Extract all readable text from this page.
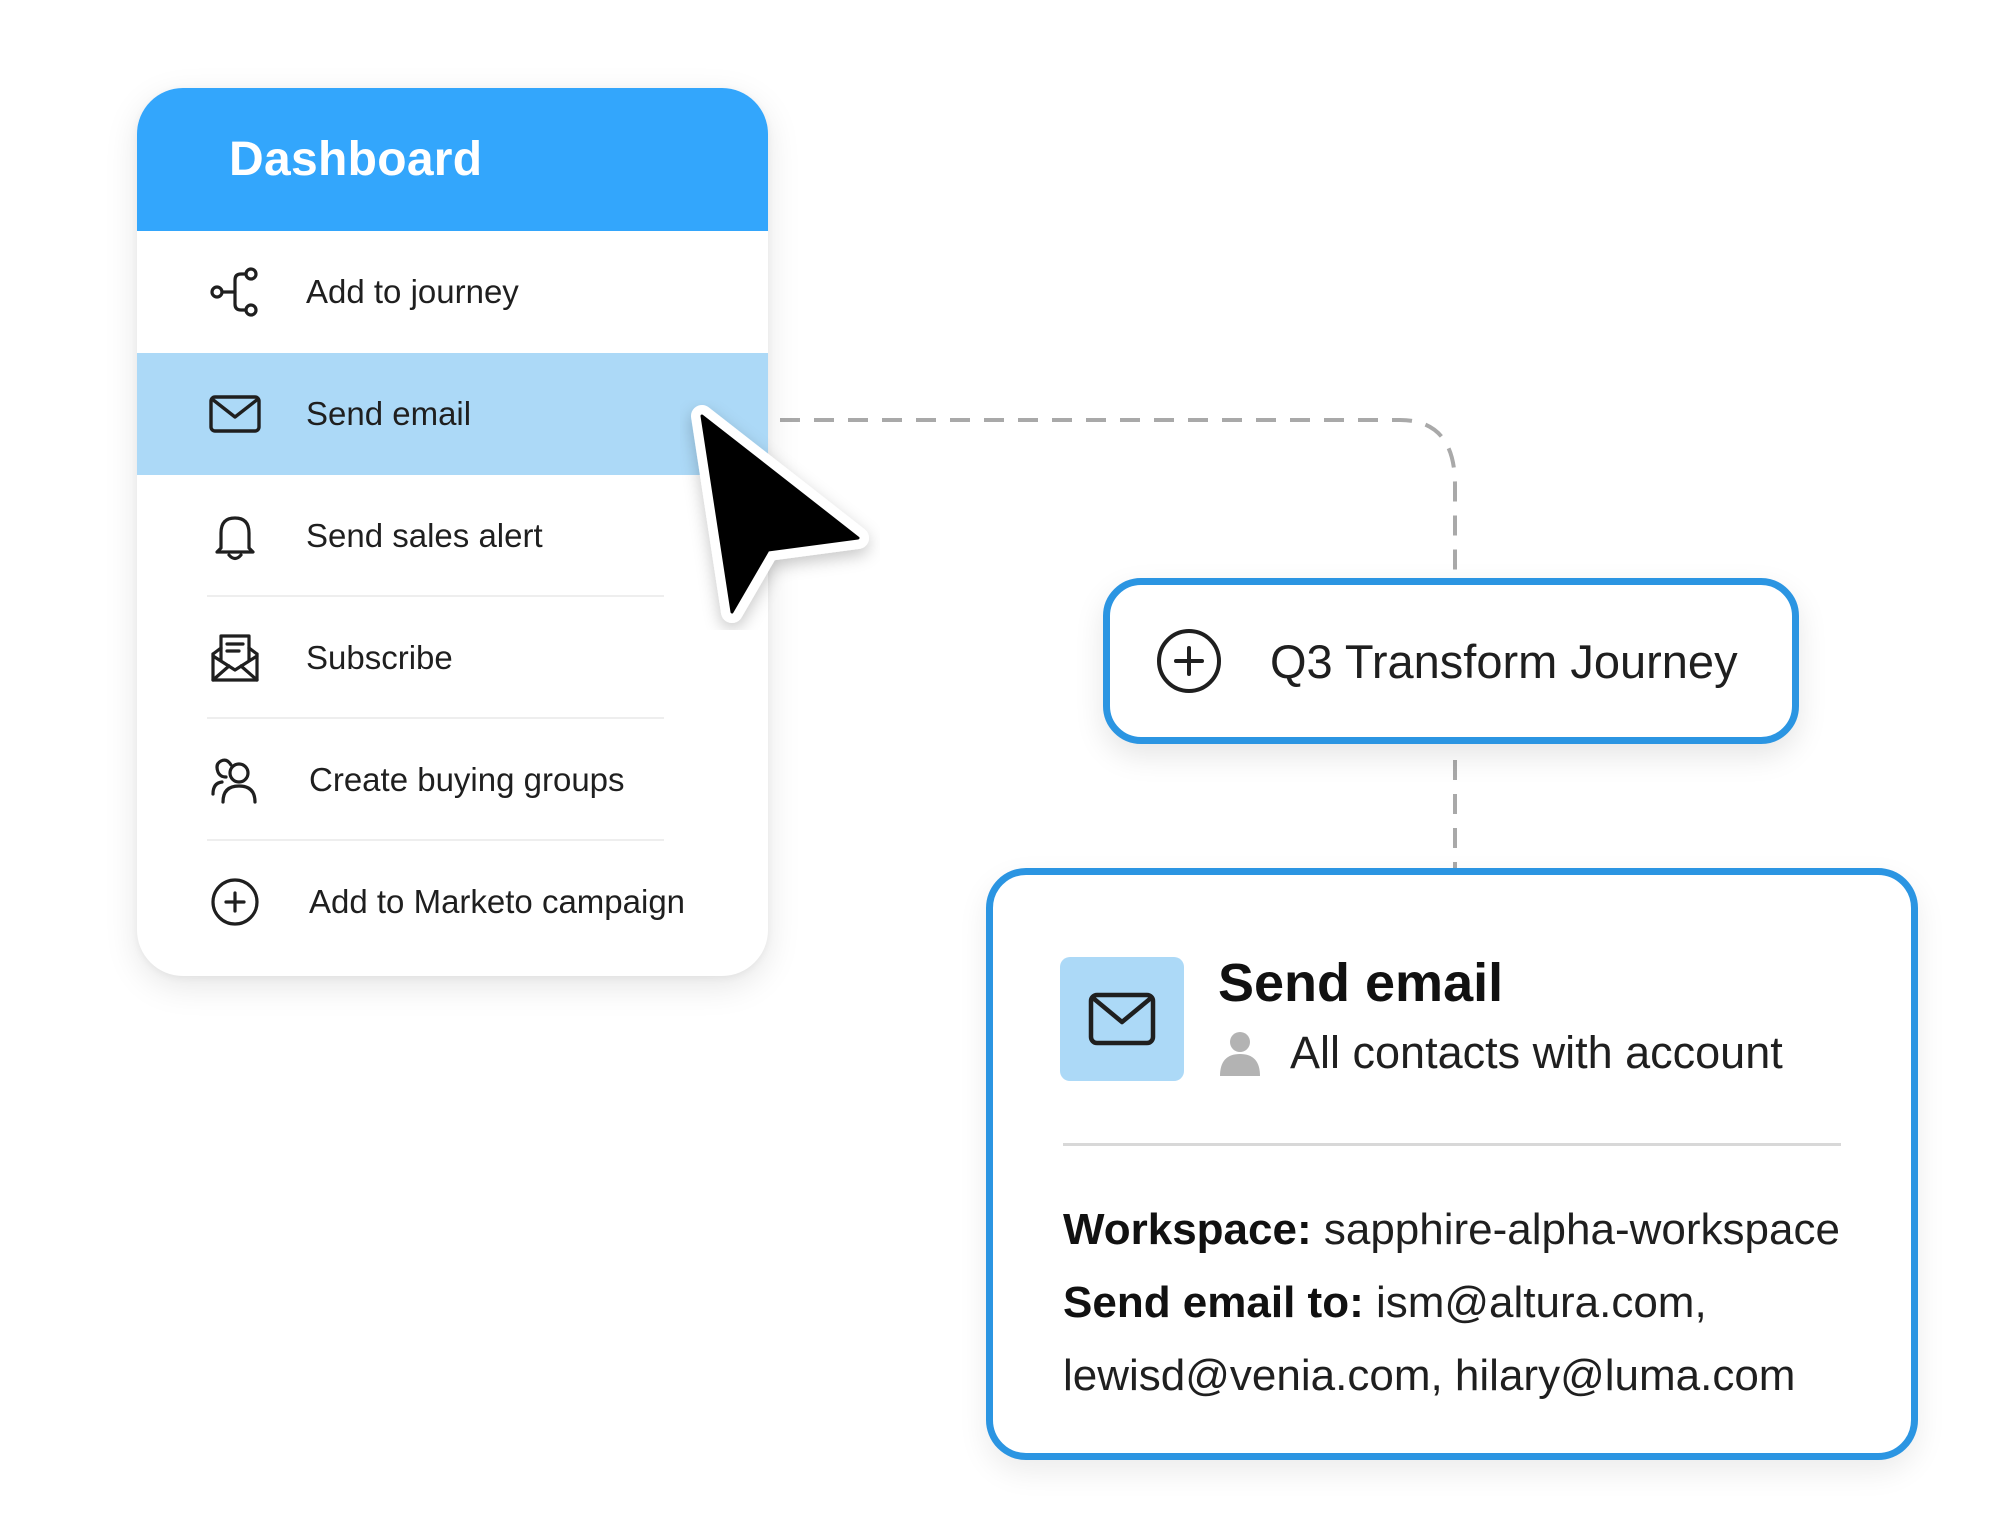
Dashboard
Add to journey
Send email
Send sales alert
Subscribe
Create buying groups
Add to Marketo campaign
Q3 Transform Journey
Send email
All contacts with account
Workspace: sapphire-alpha-workspace
Send email to: ism@altura.com,
lewisd@venia.com, hilary@luma.com
